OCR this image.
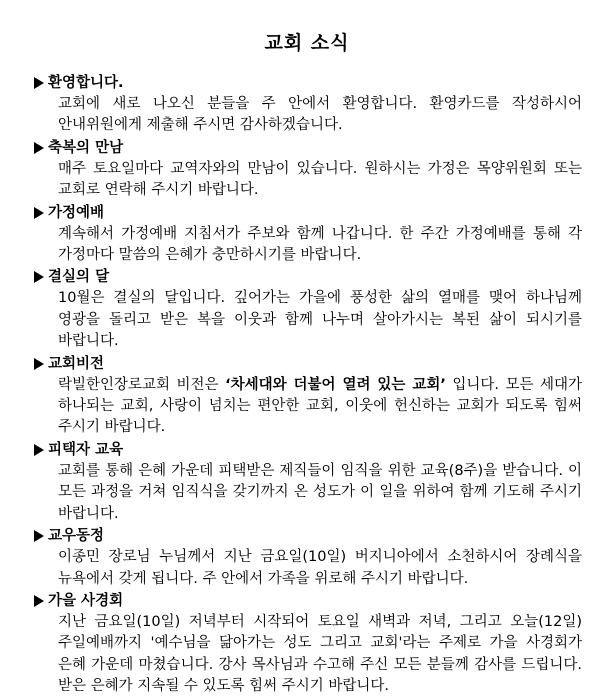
교회 소식
환영합니다.
교회에 새로 나오신 분들을 주 안에서 환영합니다. 환영카드를 작성하시어 안내위원에게 제출해 주시면 감사하겠습니다.
축복의 만남
매주 토요일마다 교역자와의 만남이 있습니다. 원하시는 가정은 목양위원회 또는 교회로 연락해 주시기 바랍니다.
가정예배
계속해서 가정예배 지침서가 주보와 함께 나갑니다. 한 주간 가정예배를 통해 각 가정마다 말씀의 은혜가 충만하시기를 바랍니다.
결실의 달
10월은 결실의 달입니다. 깊어가는 가을에 풍성한 삶의 열매를 맺어 하나님께 영광을 돌리고 받은 복을 이웃과 함께 나누며 살아가시는 복된 삶이 되시기를 바랍니다.
교회비전
락빌한인장로교회 비전은 ‘차세대와 더불어 열려 있는 교회’ 입니다. 모든 세대가 하나되는 교회, 사랑이 넘치는 편안한 교회, 이웃에 헌신하는 교회가 되도록 힘써 주시기 바랍니다.
피택자 교육
교회를 통해 은혜 가운데 피택받은 제직들이 임직을 위한 교육(8주)을 받습니다. 이 모든 과정을 거쳐 임직식을 갖기까지 온 성도가 이 일을 위하여 함께 기도해 주시기 바랍니다.
교우동정
이종민 장로님 누님께서 지난 금요일(10일) 버지니아에서 소천하시어 장례식을 뉴욕에서 갖게 됩니다. 주 안에서 가족을 위로해 주시기 바랍니다.
가을 사경회
지난 금요일(10일) 저녁부터 시작되어 토요일 새벽과 저녁, 그리고 오늘(12일) 주일예배까지 '예수님을 닮아가는 성도 그리고 교회'라는 주제로 가을 사경회가 은혜 가운데 마쳤습니다. 강사 목사님과 수고해 주신 모든 분들께 감사를 드립니다. 받은 은혜가 지속될 수 있도록 힘써 주시기 바랍니다.
